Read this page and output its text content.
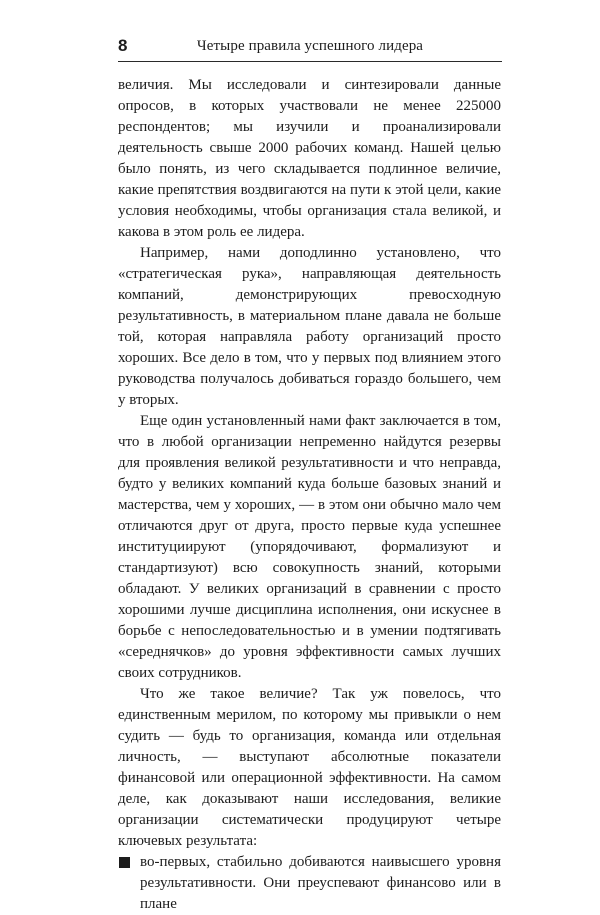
8	Четыре правила успешного лидера

величия. Мы исследовали и синтезировали данные опросов, в которых участвовали не менее 225000 респондентов; мы изучили и проанализировали деятельность свыше 2000 рабочих команд. Нашей целью было понять, из чего складывается подлинное величие, какие препятствия воздвигаются на пути к этой цели, какие условия необходимы, чтобы организация стала великой, и какова в этом роль ее лидера.

Например, нами доподлинно установлено, что «стратегическая рука», направляющая деятельность компаний, демонстрирующих превосходную результативность, в материальном плане давала не больше той, которая направляла работу организаций просто хороших. Все дело в том, что у первых под влиянием этого руководства получалось добиваться гораздо большего, чем у вторых.

Еще один установленный нами факт заключается в том, что в любой организации непременно найдутся резервы для проявления великой результативности и что неправда, будто у великих компаний куда больше базовых знаний и мастерства, чем у хороших, — в этом они обычно мало чем отличаются друг от друга, просто первые куда успешнее институциируют (упорядочивают, формализуют и стандартизуют) всю совокупность знаний, которыми обладают. У великих организаций в сравнении с просто хорошими лучше дисциплина исполнения, они искуснее в борьбе с непоследовательностью и в умении подтягивать «середнячков» до уровня эффективности самых лучших своих сотрудников.

Что же такое величие? Так уж повелось, что единственным мерилом, по которому мы привыкли о нем судить — будь то организация, команда или отдельная личность, — выступают абсолютные показатели финансовой или операционной эффективности. На самом деле, как доказывают наши исследования, великие организации систематически продуцируют четыре ключевых результата:

во-первых, стабильно добиваются наивысшего уровня результативности. Они преуспевают финансово или в плане
